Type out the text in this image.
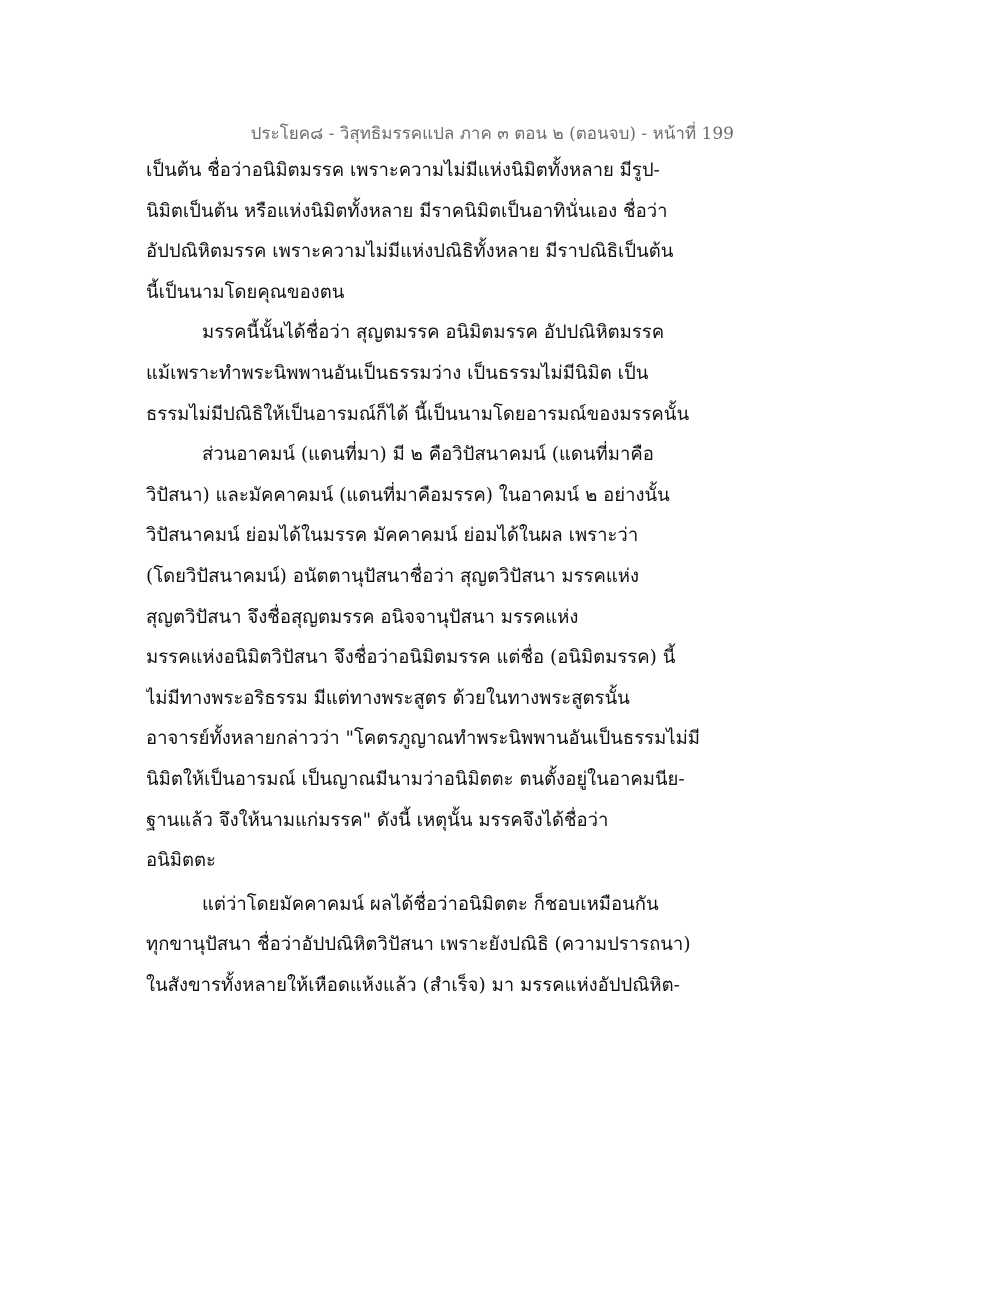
ประโยค๘ - วิสุทธิมรรคแปล ภาค ๓ ตอน ๒ (ตอนจบ) - หน้าที่ 199
เป็นต้น ชื่อว่าอนิมิตมรรค เพราะความไม่มีแห่งนิมิตทั้งหลาย มีรูป-
นิมิตเป็นต้น หรือแห่งนิมิตทั้งหลาย มีราคนิมิตเป็นอาทินั่นเอง ชื่อว่า
อัปปณิหิตมรรค เพราะความไม่มีแห่งปณิธิทั้งหลาย มีราปณิธิเป็นต้น
นี้เป็นนามโดยคุณของตน
มรรคนี้นั้นได้ชื่อว่า สุญตมรรค อนิมิตมรรค อัปปณิหิตมรรค
แม้เพราะทำพระนิพพานอันเป็นธรรมว่าง เป็นธรรมไม่มีนิมิต เป็น
ธรรมไม่มีปณิธิให้เป็นอารมณ์ก็ได้ นี้เป็นนามโดยอารมณ์ของมรรคนั้น
ส่วนอาคมน์ (แดนที่มา) มี ๒ คือวิปัสนาคมน์ (แดนที่มาคือ
วิปัสนา) และมัคคาคมน์ (แดนที่มาคือมรรค) ในอาคมน์ ๒ อย่างนั้น
วิปัสนาคมน์ ย่อมได้ในมรรค มัคคาคมน์ ย่อมได้ในผล เพราะว่า
(โดยวิปัสนาคมน์) อนัตตานุปัสนาชื่อว่า สุญตวิปัสนา มรรคแห่ง
สุญตวิปัสนา จึงชื่อสุญตมรรค อนิจจานุปัสนา มรรคแห่ง
มรรคแห่งอนิมิตวิปัสนา จึงชื่อว่าอนิมิตมรรค แต่ชื่อ (อนิมิตมรรค) นี้
ไม่มีทางพระอริธรรม มีแต่ทางพระสูตร ด้วยในทางพระสูตรนั้น
อาจารย์ทั้งหลายกล่าวว่า "โคตรภูญาณทำพระนิพพานอันเป็นธรรมไม่มี
นิมิตให้เป็นอารมณ์ เป็นญาณมีนามว่าอนิมิตตะ ตนตั้งอยู่ในอาคมนีย-
ฐานแล้ว จึงให้นามแก่มรรค" ดังนี้ เหตุนั้น มรรคจึงได้ชื่อว่า
อนิมิตตะ
แต่ว่าโดยมัคคาคมน์ ผลได้ชื่อว่าอนิมิตตะ ก็ชอบเหมือนกัน
ทุกขานุปัสนา ชื่อว่าอัปปณิหิตวิปัสนา เพราะยังปณิธิ (ความปรารถนา)
ในสังขารทั้งหลายให้เหือดแห้งแล้ว (สำเร็จ) มา มรรคแห่งอัปปณิหิต-
